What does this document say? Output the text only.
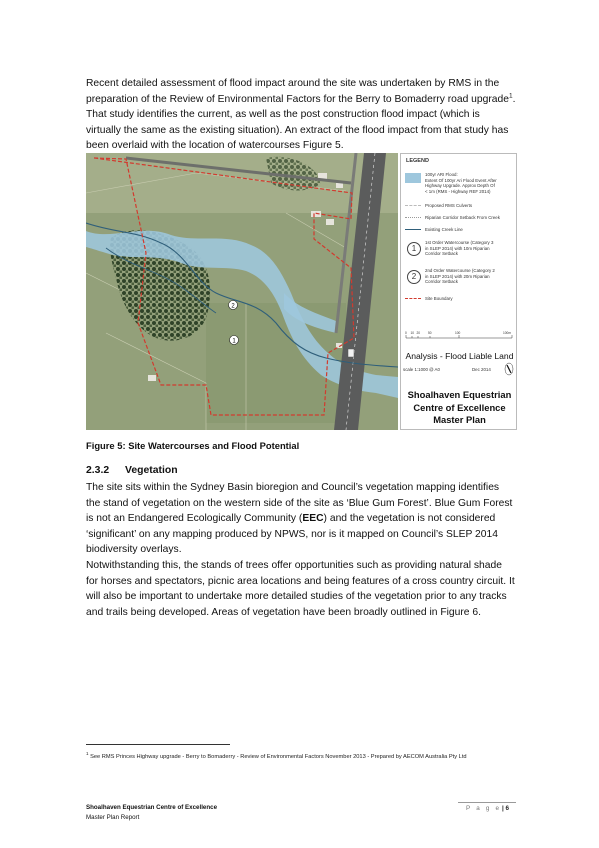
Recent detailed assessment of flood impact around the site was undertaken by RMS in the preparation of the Review of Environmental Factors for the Berry to Bomaderry road upgrade$^1$. That study identifies the current, as well as the post construction flood impact (which is virtually the same as the existing situation). An extract of the flood impact from that study has been overlaid with the location of watercourses Figure 5.

2
1
LEGEND
100yr ARI Flood:
Extent Of 100yr Ari Flood Event After
Highway Upgrade. Approx Depth Of
< 1m (RMS - Highway REF 2014)
Proposed RMS Culverts
Riparian Corridor Setback From Creek
Existing Creek Line
1
1st Order Watercourse (Category 3
in SLEP 2014) with 10m Riparian
Corridor Setback
2
2nd Order Watercourse (Category 2
in SLEP 2014) with 20m Riparian
Corridor Setback
Site Boundary
0 10 20 50	100	100m
Analysis - Flood Liable Land
scale 1:1000 @ A0	Dec 2014
Shoalhaven Equestrian
Centre of Excellence
Master Plan
Figure 5: Site Watercourses and Flood Potential
2.3.2 Vegetation

The site sits within the Sydney Basin bioregion and Council’s vegetation mapping identifies the stand of vegetation on the western side of the site as ‘Blue Gum Forest’. Blue Gum Forest is not an Endangered Ecologically Community (EEC) and the vegetation is not considered ‘significant’ on any mapping produced by NPWS, nor is it mapped on Council’s SLEP 2014 biodiversity overlays.

Notwithstanding this, the stands of trees offer opportunities such as providing natural shade for horses and spectators, picnic area locations and being features of a cross country circuit. It will also be important to undertake more detailed studies of the vegetation prior to any tracks and trails being developed. Areas of vegetation have been broadly outlined in Figure 6.

$^1$ See RMS Princes Highway upgrade - Berry to Bomaderry - Review of Environmental Factors November 2013 - Prepared by AECOM Australia Pty Ltd
Shoalhaven Equestrian Centre of Excellence
Master Plan Report
P a g e | 6
